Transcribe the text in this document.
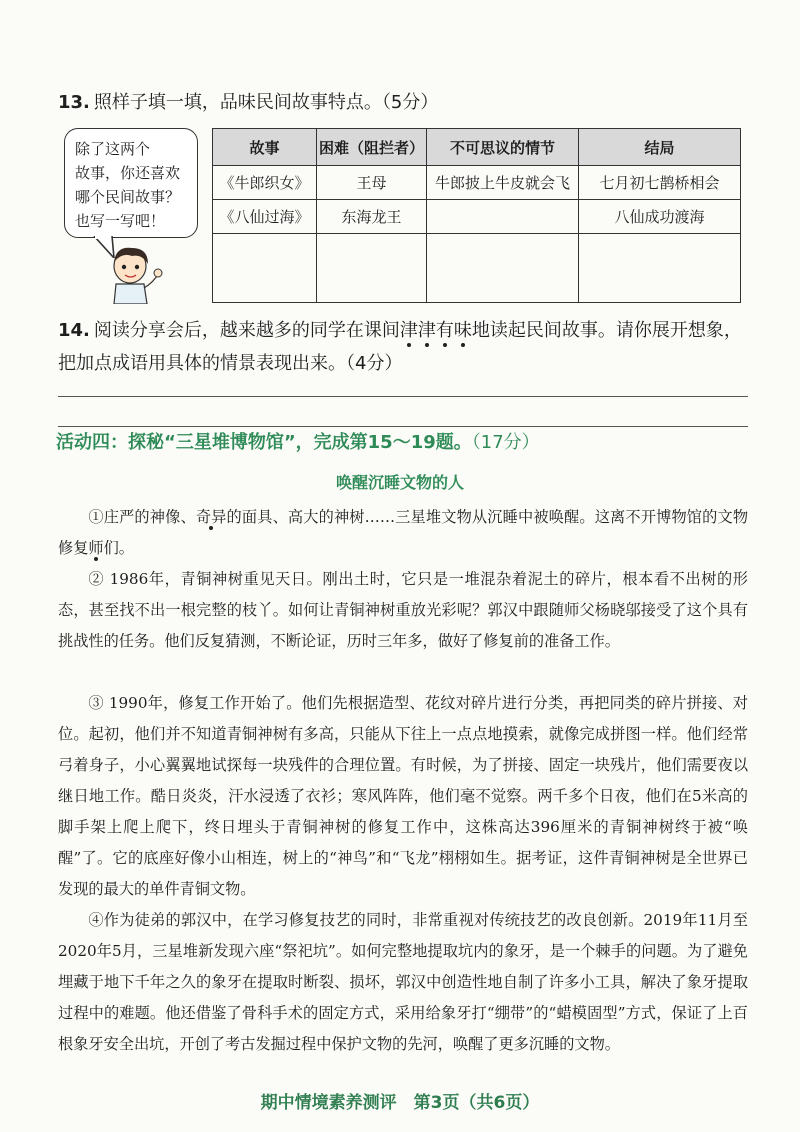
13. 照样子填一填，品味民间故事特点。（5分）
除了这两个
故事，你还喜欢
哪个民间故事？
也写一写吧！
故事	困难（阻拦者）	不可思议的情节	结局
《牛郎织女》	王母	牛郎披上牛皮就会飞	七月初七鹊桥相会
《八仙过海》	东海龙王		八仙成功渡海

14. 阅读分享会后，越来越多的同学在课间津津有味
地读起民间故事。请你展开想象，把加点成语用具体的情景表现出来。（4分）
活动四：探秘“三星堆博物馆”，完成第15～19题。（17分）
唤醒沉睡文物的人
①庄严的神像、奇异的面具、高大的神树……三星堆文物从沉睡中被唤醒。这离不开博物馆的文物修复师们。
② 1986年，青铜神树重见天日。刚出土时，它只是一堆混杂着泥土的碎片，根本看不出树的形态，甚至找不出一根完整的枝丫。如何让青铜神树重放光彩呢？郭汉中跟随师父杨晓邬接受了这个具有挑战性的任务。他们反复猜测，不断论证，历时三年多，做好了修复前的准备工作。
③ 1990年，修复工作开始了。他们先根据造型、花纹对碎片进行分类，再把同类的碎片拼接、对位。起初，他们并不知道青铜神树有多高，只能从下往上一点点地摸索，就像完成拼图一样。他们经常弓着身子，小心翼翼地试探每一块残件的合理位置。有时候，为了拼接、固定一块残片，他们需要夜以继日地工作。酷日炎炎，汗水浸透了衣衫；寒风阵阵，他们毫不觉察。两千多个日夜，他们在5米高的脚手架上爬上爬下，终日埋头于青铜神树的修复工作中，这株高达396厘米的青铜神树终于被“唤醒”了。它的底座好像小山相连，树上的“神鸟”和“飞龙”栩栩如生。据考证，这件青铜神树是全世界已发现的最大的单件青铜文物。
④作为徒弟的郭汉中，在学习修复技艺的同时，非常重视对传统技艺的改良创新。2019年11月至2020年5月，三星堆新发现六座“祭祀坑”。如何完整地提取坑内的象牙，是一个棘手的问题。为了避免埋藏于地下千年之久的象牙在提取时断裂、损坏，郭汉中创造性地自制了许多小工具，解决了象牙提取过程中的难题。他还借鉴了骨科手术的固定方式，采用给象牙打“绷带”的“蜡模固型”方式，保证了上百根象牙安全出坑，开创了考古发掘过程中保护文物的先河，唤醒了更多沉睡的文物。
期中情境素养测评　第3页（共6页）
